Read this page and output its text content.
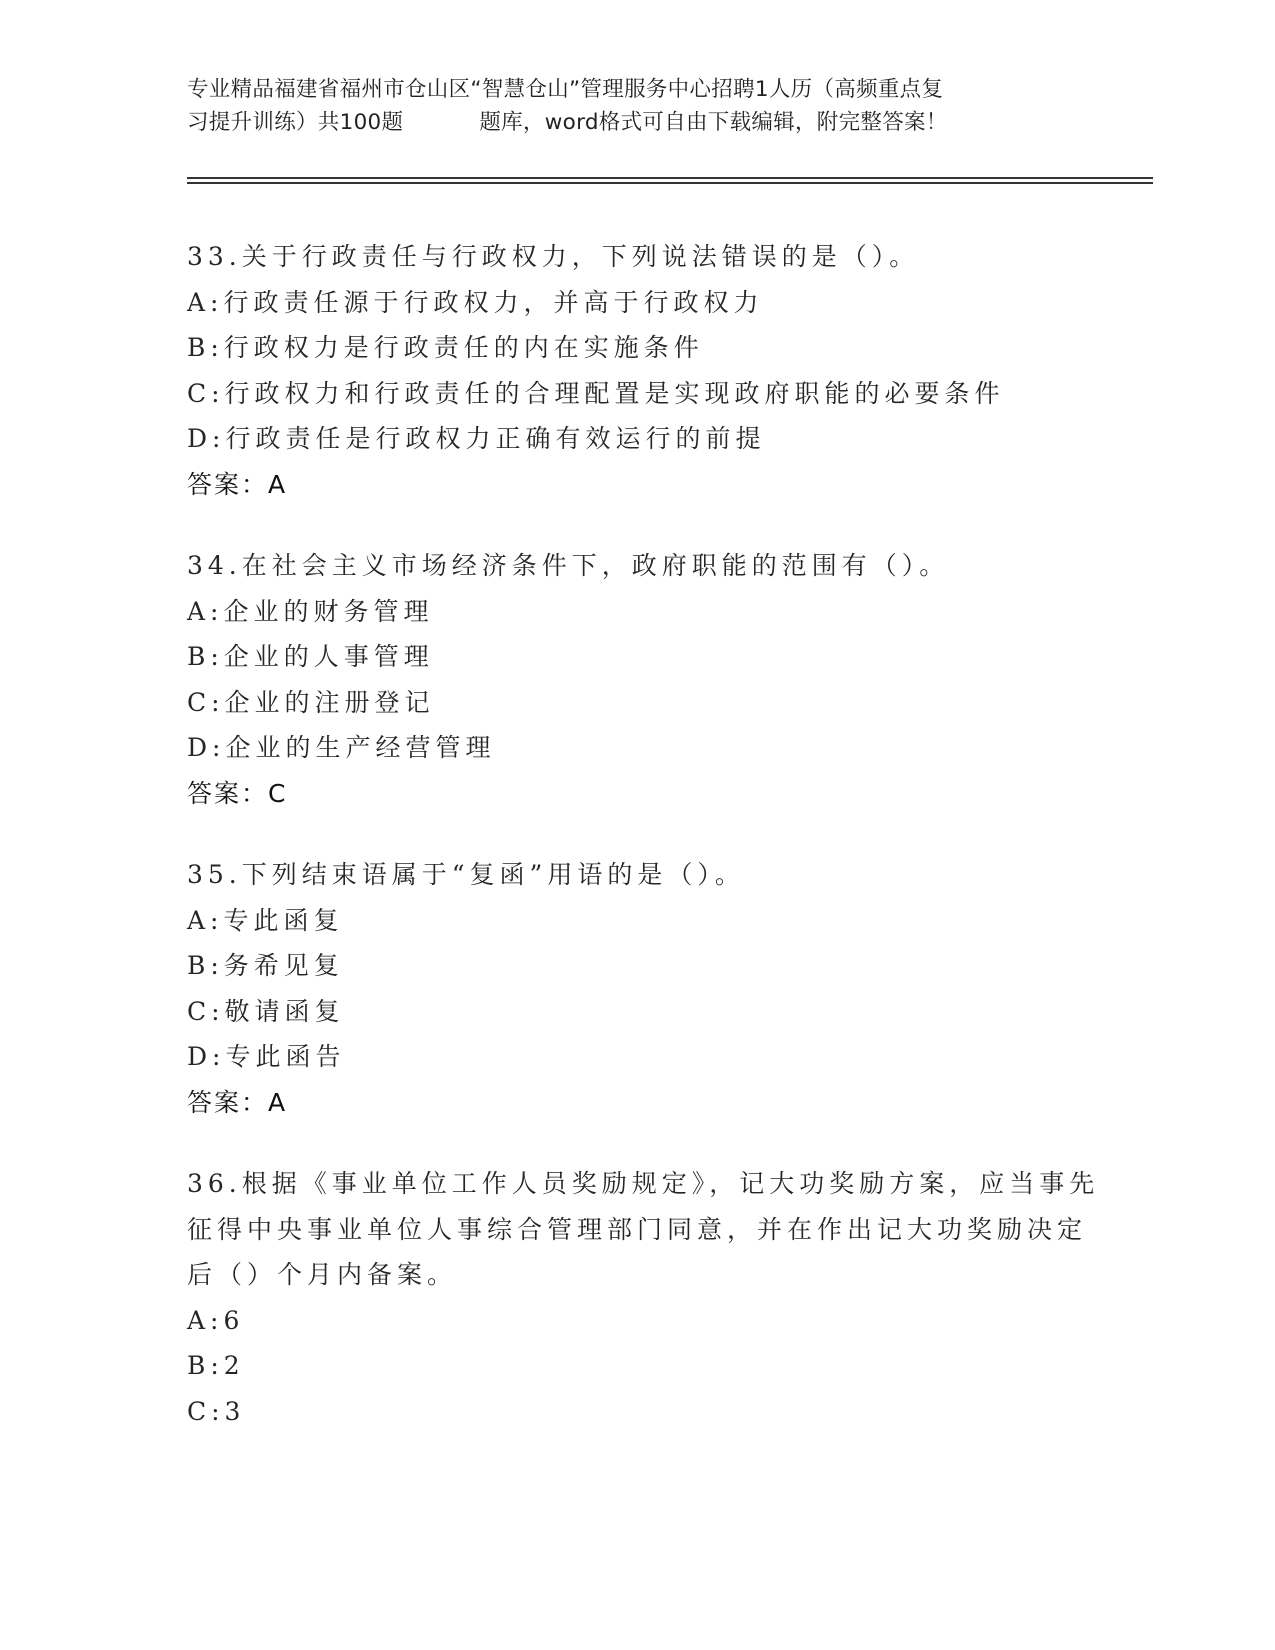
专业精品福建省福州市仓山区“智慧仓山”管理服务中心招聘1人历（高频重点复
习提升训练）共100题	题库，word格式可自由下载编辑，附完整答案！
33.关于行政责任与行政权力，下列说法错误的是（）。
A:行政责任源于行政权力，并高于行政权力
B:行政权力是行政责任的内在实施条件
C:行政权力和行政责任的合理配置是实现政府职能的必要条件
D:行政责任是行政权力正确有效运行的前提
答案：A
34.在社会主义市场经济条件下，政府职能的范围有（）。
A:企业的财务管理
B:企业的人事管理
C:企业的注册登记
D:企业的生产经营管理
答案：C
35.下列结束语属于“复函”用语的是（）。
A:专此函复
B:务希见复
C:敬请函复
D:专此函告
答案：A
36.根据《事业单位工作人员奖励规定》，记大功奖励方案，应当事先
征得中央事业单位人事综合管理部门同意，并在作出记大功奖励决定
后（）个月内备案。
A:6
B:2
C:3
